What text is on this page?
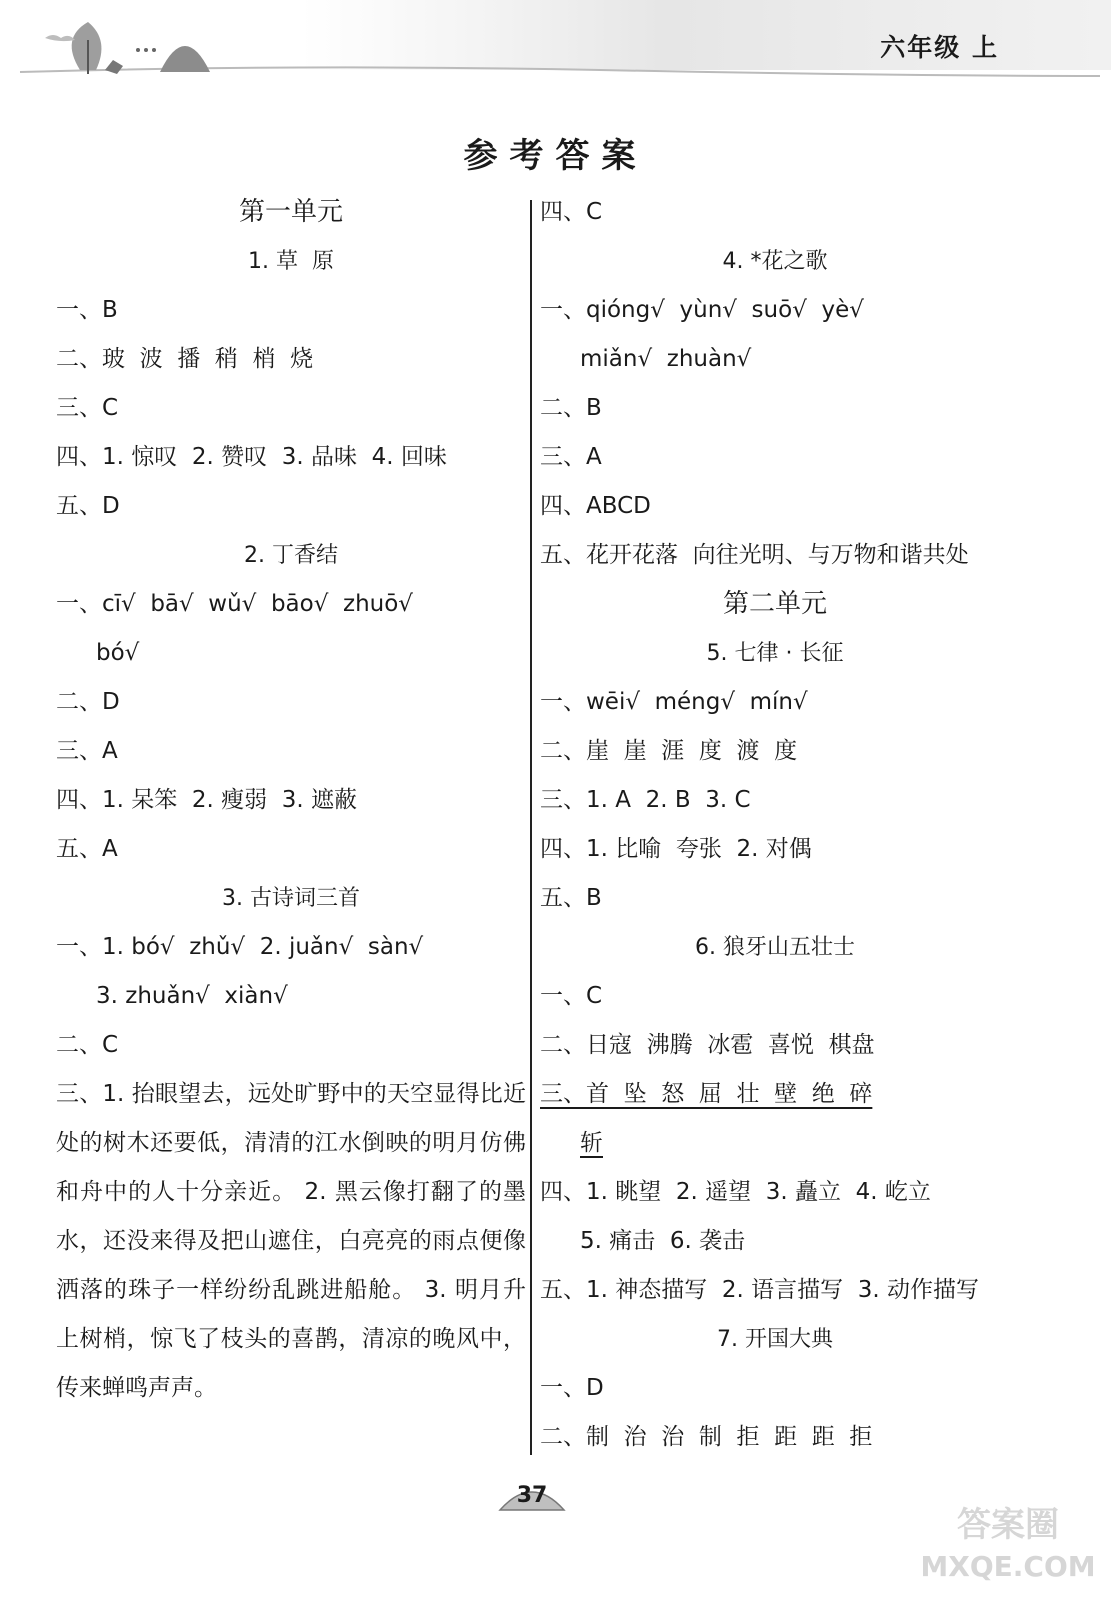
六年级 上
参考答案
第一单元
1. 草  原
一、B
二、玻  波  播  稍  梢  烧
三、C
四、1. 惊叹  2. 赞叹  3. 品味  4. 回味
五、D
2. 丁香结
一、cī√  bā√  wǔ√  bāo√  zhuō√
bó√
二、D
三、A
四、1. 呆笨  2. 瘦弱  3. 遮蔽
五、A
3. 古诗词三首
一、1. bó√  zhǔ√  2. juǎn√  sàn√
3. zhuǎn√  xiàn√
二、C
三、1. 抬眼望去，远处旷野中的天空显得比近处的树木还要低，清清的江水倒映的明月仿佛和舟中的人十分亲近。 2. 黑云像打翻了的墨水，还没来得及把山遮住，白亮亮的雨点便像洒落的珠子一样纷纷乱跳进船舱。 3. 明月升上树梢，惊飞了枝头的喜鹊，清凉的晚风中，传来蝉鸣声声。
四、C
4. *花之歌
一、qióng√  yùn√  suō√  yè√
miǎn√  zhuàn√
二、B
三、A
四、ABCD
五、花开花落  向往光明、与万物和谐共处
第二单元
5. 七律 · 长征
一、wēi√  méng√  mín√
二、崖  崖  涯  度  渡  度
三、1. A  2. B  3. C
四、1. 比喻  夸张  2. 对偶
五、B
6. 狼牙山五壮士
一、C
二、日寇  沸腾  冰雹  喜悦  棋盘
三、首  坠  怒  屈  壮  壁  绝  碎
斩
四、1. 眺望  2. 遥望  3. 矗立  4. 屹立
5. 痛击  6. 袭击
五、1. 神态描写  2. 语言描写  3. 动作描写
7. 开国大典
一、D
二、制  治  治  制  拒  距  距  拒
37
答案圈
MXQE.COM
